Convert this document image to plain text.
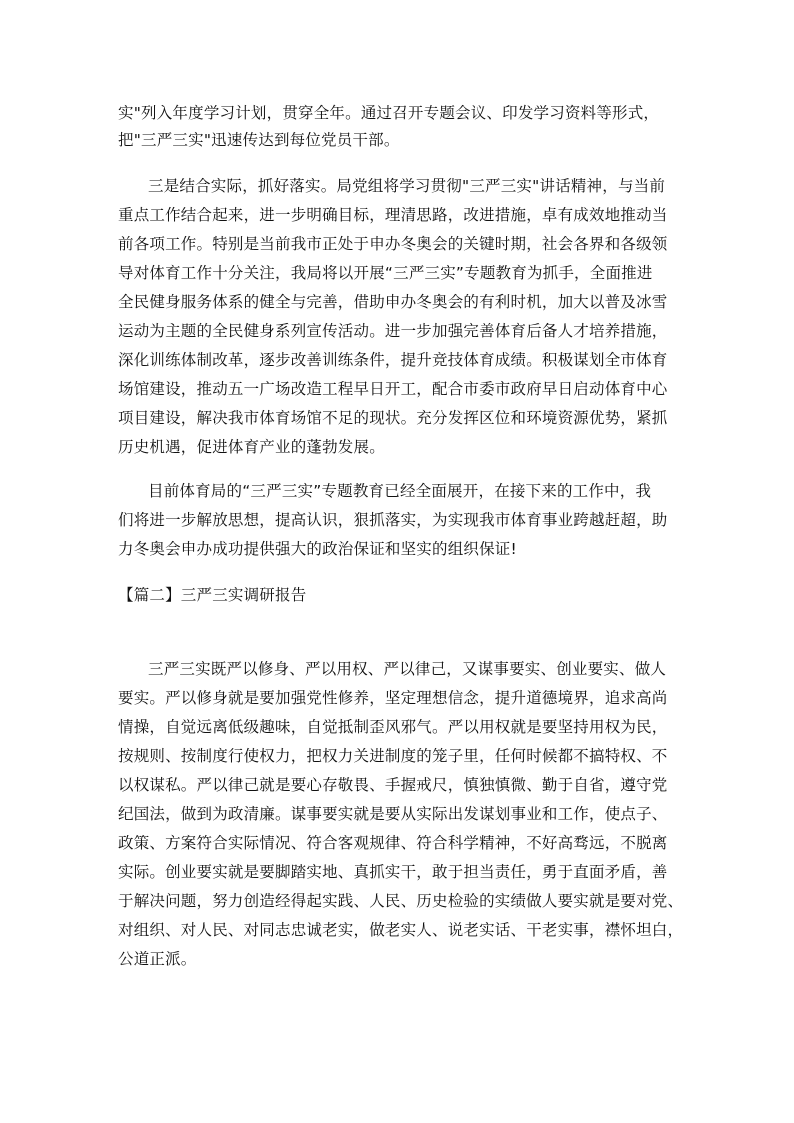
实"列入年度学习计划，贯穿全年。通过召开专题会议、印发学习资料等形式，
把"三严三实"迅速传达到每位党员干部。
三是结合实际，抓好落实。局党组将学习贯彻"三严三实"讲话精神，与当前
重点工作结合起来，进一步明确目标，理清思路，改进措施，卓有成效地推动当
前各项工作。特别是当前我市正处于申办冬奥会的关键时期，社会各界和各级领
导对体育工作十分关注，我局将以开展“三严三实”专题教育为抓手，全面推进
全民健身服务体系的健全与完善，借助申办冬奥会的有利时机，加大以普及冰雪
运动为主题的全民健身系列宣传活动。进一步加强完善体育后备人才培养措施，
深化训练体制改革，逐步改善训练条件，提升竞技体育成绩。积极谋划全市体育
场馆建设，推动五一广场改造工程早日开工，配合市委市政府早日启动体育中心
项目建设，解决我市体育场馆不足的现状。充分发挥区位和环境资源优势，紧抓
历史机遇，促进体育产业的蓬勃发展。
目前体育局的“三严三实”专题教育已经全面展开，在接下来的工作中，我
们将进一步解放思想，提高认识，狠抓落实，为实现我市体育事业跨越赶超，助
力冬奥会申办成功提供强大的政治保证和坚实的组织保证!
【篇二】三严三实调研报告
三严三实既严以修身、严以用权、严以律己，又谋事要实、创业要实、做人
要实。严以修身就是要加强党性修养，坚定理想信念，提升道德境界，追求高尚
情操，自觉远离低级趣味，自觉抵制歪风邪气。严以用权就是要坚持用权为民，
按规则、按制度行使权力，把权力关进制度的笼子里，任何时候都不搞特权、不
以权谋私。严以律己就是要心存敬畏、手握戒尺，慎独慎微、勤于自省，遵守党
纪国法，做到为政清廉。谋事要实就是要从实际出发谋划事业和工作，使点子、
政策、方案符合实际情况、符合客观规律、符合科学精神，不好高骛远，不脱离
实际。创业要实就是要脚踏实地、真抓实干，敢于担当责任，勇于直面矛盾，善
于解决问题，努力创造经得起实践、人民、历史检验的实绩做人要实就是要对党、
对组织、对人民、对同志忠诚老实，做老实人、说老实话、干老实事，襟怀坦白，
公道正派。
